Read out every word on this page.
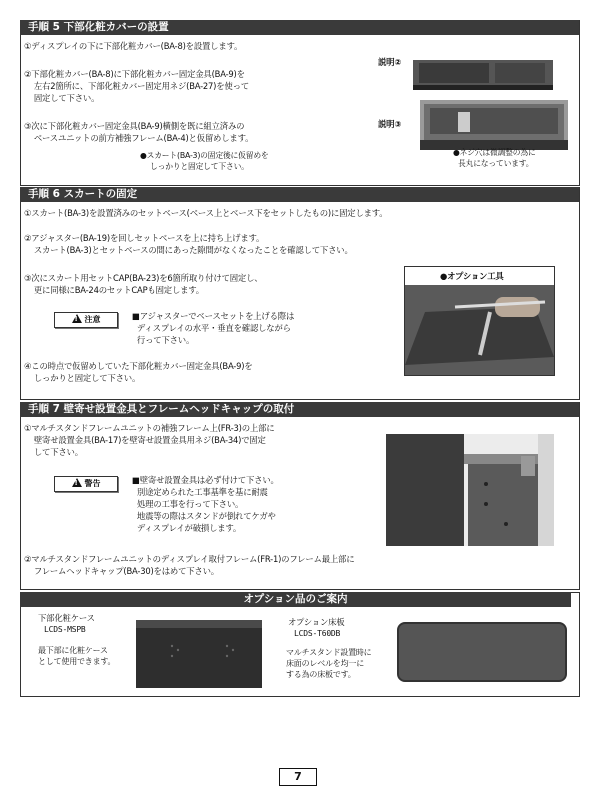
手順 5 下部化粧カバーの設置
①ディスプレイの下に下部化粧カバー(BA-8)を設置します。
②下部化粧カバー(BA-8)に下部化粧カバー固定金具(BA-9)を
左右2箇所に、下部化粧カバー固定用ネジ(BA-27)を使って
固定して下さい。
③次に下部化粧カバー固定金具(BA-9)横側を既に組立済みの
ベースユニットの前方補強フレーム(BA-4)と仮留めします。
●スカート(BA-3)の固定後に仮留めを
しっかりと固定して下さい。
説明②
説明③
●ネジ穴は微調整の為に
長丸になっています。
手順 6 スカートの固定
①スカート(BA-3)を設置済みのセットベース(ベース上とベース下をセットしたもの)に固定します。
②アジャスター(BA-19)を回しセットベースを上に持ち上げます。
スカート(BA-3)とセットベースの間にあった隙間がなくなったことを確認して下さい。
③次にスカート用セットCAP(BA-23)を6箇所取り付けて固定し、
更に同様にBA-24のセットCAPも固定します。
!注意	■アジャスターでベースセットを上げる際は
ディスプレイの水平・垂直を確認しながら
行って下さい。
④この時点で仮留めしていた下部化粧カバー固定金具(BA-9)を
しっかりと固定して下さい。
●オプション工具
手順 7 壁寄せ設置金具とフレームヘッドキャップの取付
①マルチスタンドフレームユニットの補強フレーム上(FR-3)の上部に
壁寄せ設置金具(BA-17)を壁寄せ設置金具用ネジ(BA-34)で固定
して下さい。
!警告	■壁寄せ設置金具は必ず付けて下さい。
別途定められた工事基準を基に耐震
処理の工事を行って下さい。
地震等の際はスタンドが倒れてケガや
ディスプレイが破損します。
②マルチスタンドフレームユニットのディスプレイ取付フレーム(FR-1)のフレーム最上部に
フレームヘッドキャップ(BA-30)をはめて下さい。
オプション品のご案内
下部化粧ケース
LCDS-MSPB
最下部に化粧ケース
として使用できます。
オプション床板
LCDS-T60DB
マルチスタンド設置時に
床面のレベルを均一に
する為の床板です。
7
